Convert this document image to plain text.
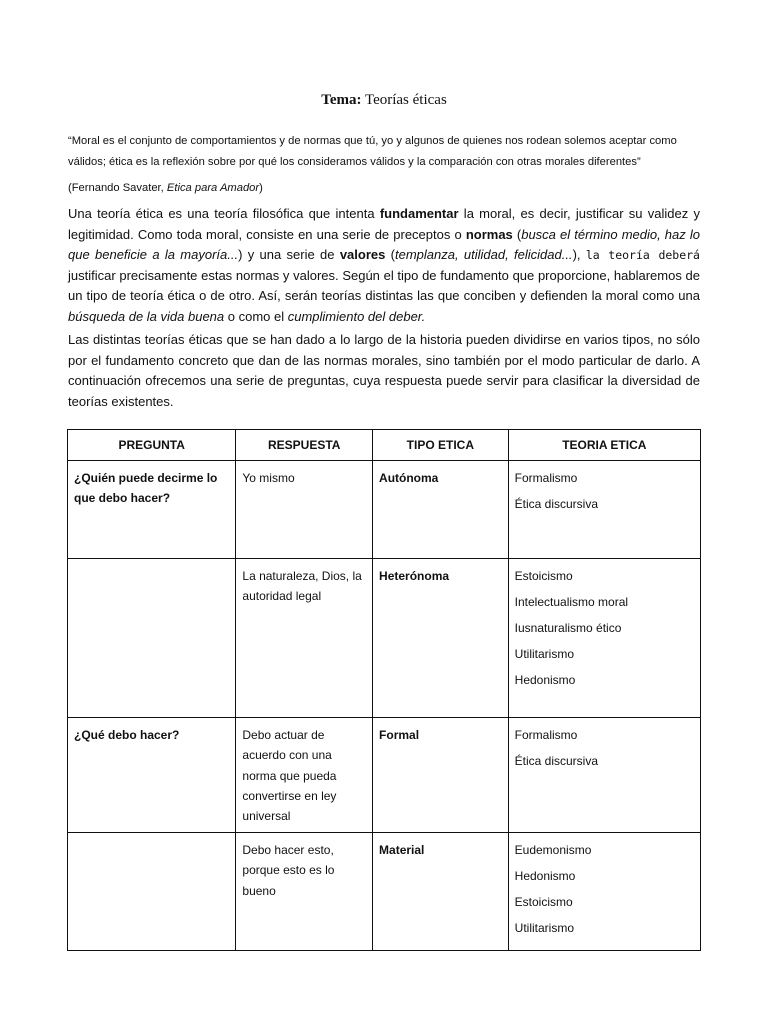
Tema: Teorías éticas
“Moral es el conjunto de comportamientos y de normas que tú, yo y algunos de quienes nos rodean solemos aceptar como válidos; ética es la reflexión sobre por qué los consideramos válidos y la comparación con otras morales diferentes”
(Fernando Savater, Etica para Amador)
Una teoría ética es una teoría filosófica que intenta fundamentar la moral, es decir, justificar su validez y legitimidad. Como toda moral, consiste en una serie de preceptos o normas (busca el término medio, haz lo que beneficie a la mayoría...) y una serie de valores (templanza, utilidad, felicidad...), la teoría deberá justificar precisamente estas normas y valores. Según el tipo de fundamento que proporcione, hablaremos de un tipo de teoría ética o de otro. Así, serán teorías distintas las que conciben y defienden la moral como una búsqueda de la vida buena o como el cumplimiento del deber.
Las distintas teorías éticas que se han dado a lo largo de la historia pueden dividirse en varios tipos, no sólo por el fundamento concreto que dan de las normas morales, sino también por el modo particular de darlo. A continuación ofrecemos una serie de preguntas, cuya respuesta puede servir para clasificar la diversidad de teorías existentes.
PREGUNTA	RESPUESTA	TIPO ETICA	TEORIA ETICA
¿Quién puede decirme lo que debo hacer?	Yo mismo	Autónoma	Formalismo
Ética discursiva

	La naturaleza, Dios, la autoridad legal	Heterónoma	Estoicismo
Intelectualismo moral
Iusnaturalismo ético
Utilitarismo
Hedonismo

¿Qué debo hacer?	Debo actuar de acuerdo con una norma que pueda convertirse en ley universal	Formal	Formalismo
Ética discursiva

	Debo hacer esto, porque esto es lo bueno	Material	Eudemonismo
Hedonismo
Estoicismo
Utilitarismo
